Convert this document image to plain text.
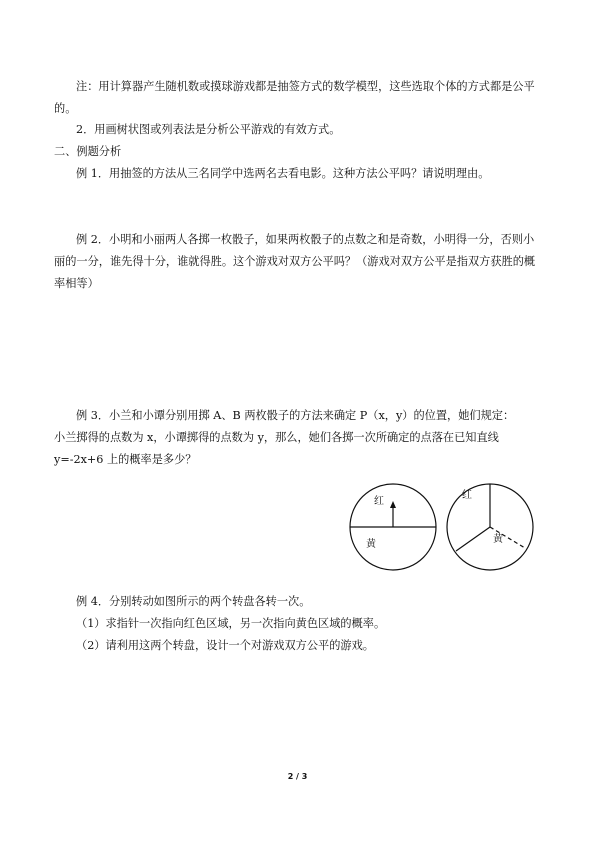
注：用计算器产生随机数或摸球游戏都是抽签方式的数学模型，这些选取个体的方式都是公平的。

2．用画树状图或列表法是分析公平游戏的有效方式。

二、例题分析

例 1．用抽签的方法从三名同学中选两名去看电影。这种方法公平吗？请说明理由。

例 2．小明和小丽两人各掷一枚骰子，如果两枚骰子的点数之和是奇数，小明得一分，否则小丽的一分，谁先得十分，谁就得胜。这个游戏对双方公平吗？（游戏对双方公平是指双方获胜的概率相等）

例 3．小兰和小谭分别用掷 A、B 两枚骰子的方法来确定 P（x，y）的位置，她们规定：

小兰掷得的点数为 x，小谭掷得的点数为 y，那么，她们各掷一次所确定的点落在已知直线

y=-2x+6 上的概率是多少？

红
黄
红
黄

例 4．分别转动如图所示的两个转盘各转一次。

（1）求指针一次指向红色区域，另一次指向黄色区域的概率。

（2）请利用这两个转盘，设计一个对游戏双方公平的游戏。

2 / 3
